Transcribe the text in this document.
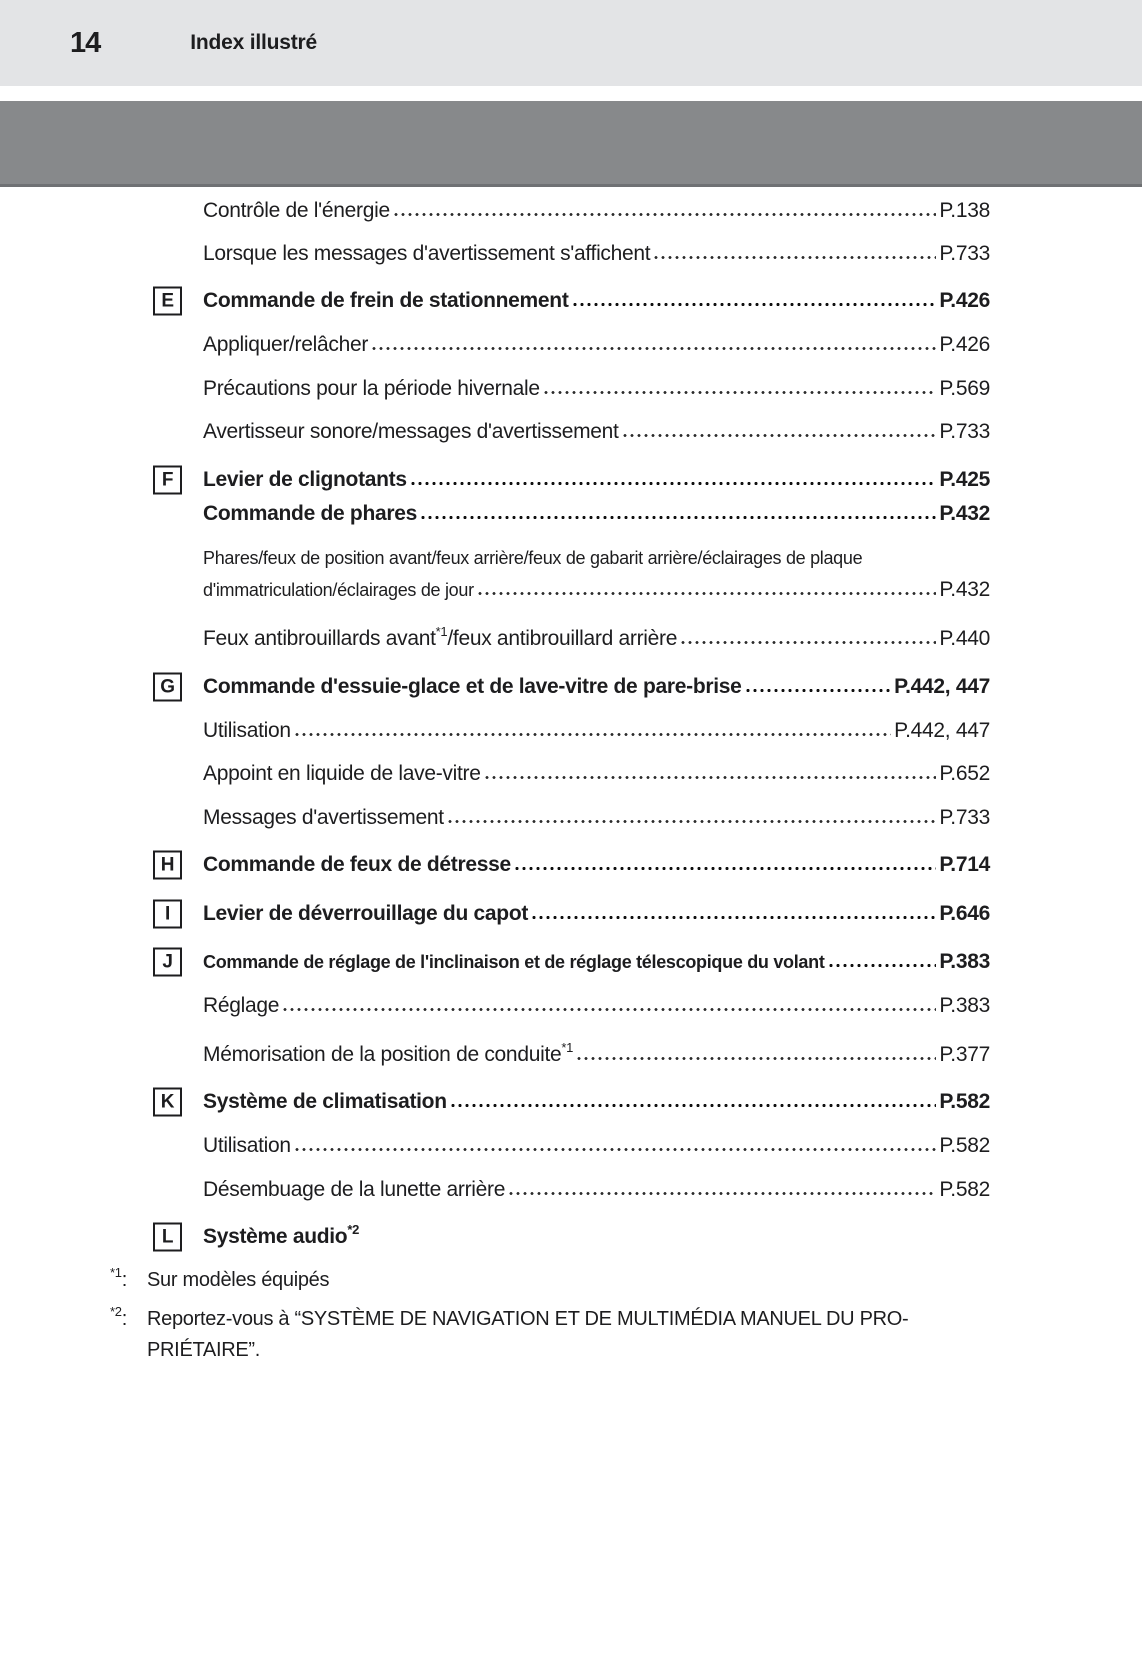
14	Index illustré
Contrôle de l'énergie	P.138
Lorsque les messages d'avertissement s'affichent	P.733
E Commande de frein de stationnement	P.426
Appliquer/relâcher	P.426
Précautions pour la période hivernale	P.569
Avertisseur sonore/messages d'avertissement	P.733
F Levier de clignotants	P.425
Commande de phares	P.432
Phares/feux de position avant/feux arrière/feux de gabarit arrière/éclairages de plaque
d'immatriculation/éclairages de jour	P.432
Feux antibrouillards avant$^{*1}$/feux antibrouillard arrière	P.440
G Commande d'essuie-glace et de lave-vitre de pare-brise	P.442, 447
Utilisation	P.442, 447
Appoint en liquide de lave-vitre	P.652
Messages d'avertissement	P.733
H Commande de feux de détresse	P.714
I Levier de déverrouillage du capot	P.646
J Commande de réglage de l'inclinaison et de réglage télescopique du volant	P.383
Réglage	P.383
Mémorisation de la position de conduite$^{*1}$	P.377
K Système de climatisation	P.582
Utilisation	P.582
Désembuage de la lunette arrière	P.582
L Système audio$^{*2}$
$^{*1}$:	Sur modèles équipés
$^{*2}$:	Reportez-vous à “SYSTÈME DE NAVIGATION ET DE MULTIMÉDIA MANUEL DU PRO-
PRIÉTAIRE”.
